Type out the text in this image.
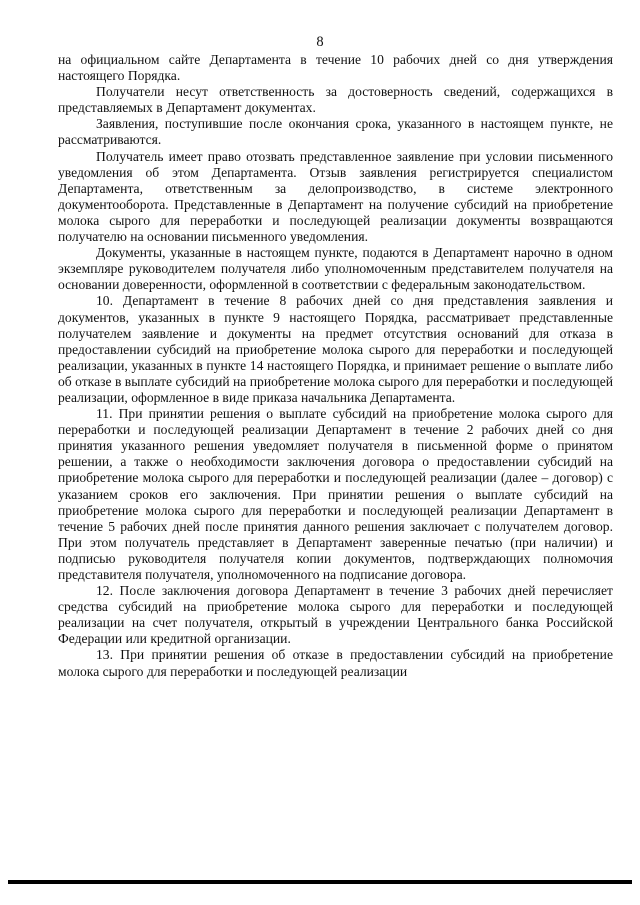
8

на официальном сайте Департамента в течение 10 рабочих дней со дня утверждения настоящего Порядка.

Получатели несут ответственность за достоверность сведений, содержащихся в представляемых в Департамент документах.

Заявления, поступившие после окончания срока, указанного в настоящем пункте, не рассматриваются.

Получатель имеет право отозвать представленное заявление при условии письменного уведомления об этом Департамента. Отзыв заявления регистрируется специалистом Департамента, ответственным за делопроизводство, в системе электронного документооборота. Представленные в Департамент на получение субсидий на приобретение молока сырого для переработки и последующей реализации документы возвращаются получателю на основании письменного уведомления.

Документы, указанные в настоящем пункте, подаются в Департамент нарочно в одном экземпляре руководителем получателя либо уполномоченным представителем получателя на основании доверенности, оформленной в соответствии с федеральным законодательством.

10. Департамент в течение 8 рабочих дней со дня представления заявления и документов, указанных в пункте 9 настоящего Порядка, рассматривает представленные получателем заявление и документы на предмет отсутствия оснований для отказа в предоставлении субсидий на приобретение молока сырого для переработки и последующей реализации, указанных в пункте 14 настоящего Порядка, и принимает решение о выплате либо об отказе в выплате субсидий на приобретение молока сырого для переработки и последующей реализации, оформленное в виде приказа начальника Департамента.

11. При принятии решения о выплате субсидий на приобретение молока сырого для переработки и последующей реализации Департамент в течение 2 рабочих дней со дня принятия указанного решения уведомляет получателя в письменной форме о принятом решении, а также о необходимости заключения договора о предоставлении субсидий на приобретение молока сырого для переработки и последующей реализации (далее – договор) с указанием сроков его заключения. При принятии решения о выплате субсидий на приобретение молока сырого для переработки и последующей реализации Департамент в течение 5 рабочих дней после принятия данного решения заключает с получателем договор. При этом получатель представляет в Департамент заверенные печатью (при наличии) и подписью руководителя получателя копии документов, подтверждающих полномочия представителя получателя, уполномоченного на подписание договора.

12. После заключения договора Департамент в течение 3 рабочих дней перечисляет средства субсидий на приобретение молока сырого для переработки и последующей реализации на счет получателя, открытый в учреждении Центрального банка Российской Федерации или кредитной организации.

13. При принятии решения об отказе в предоставлении субсидий на приобретение молока сырого для переработки и последующей реализации
